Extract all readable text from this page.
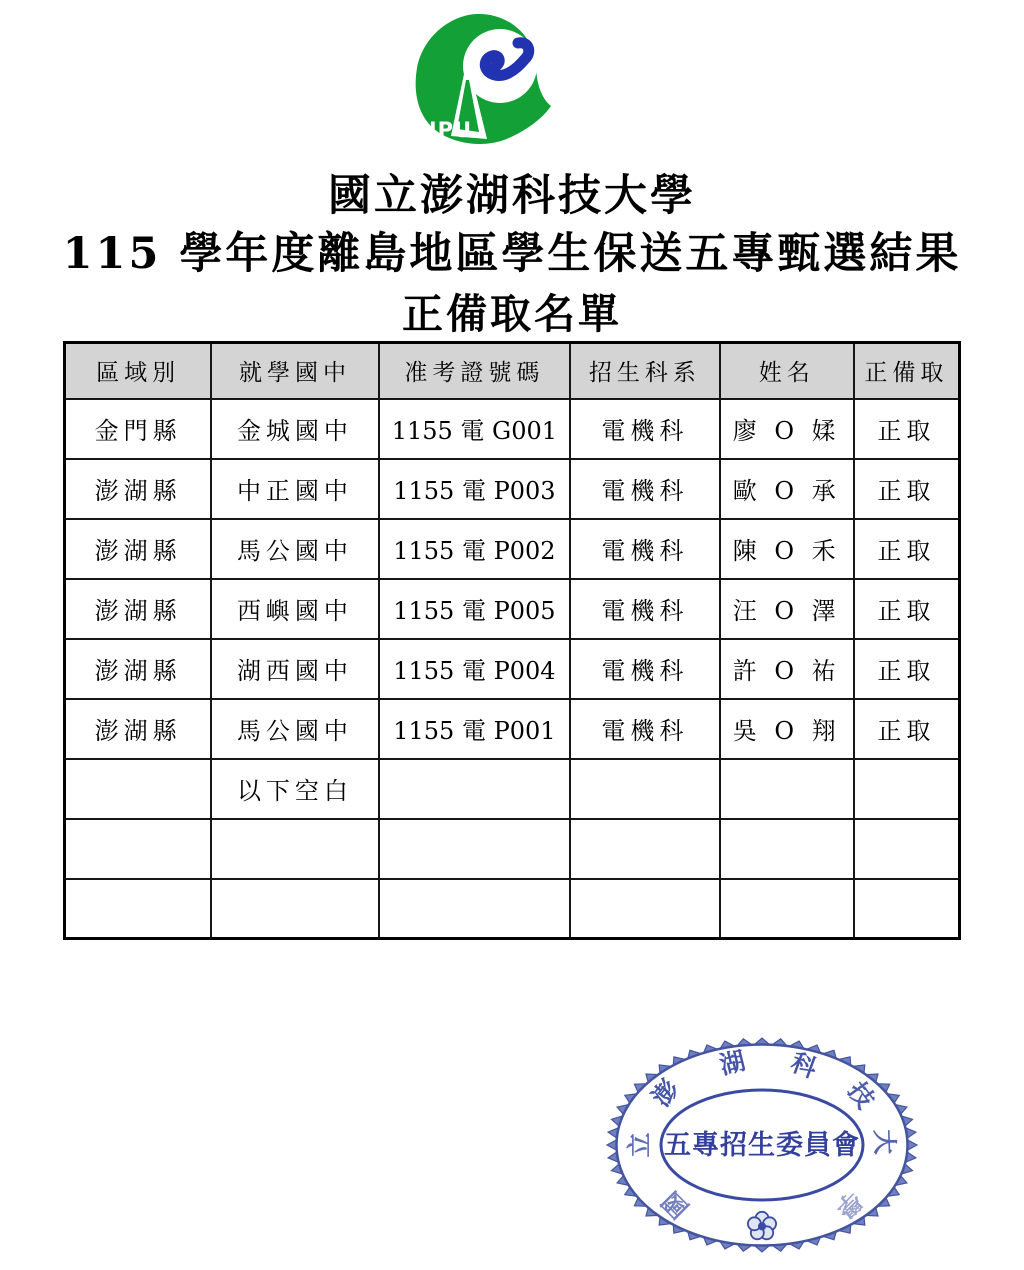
NPU
國立澎湖科技大學
115 學年度離島地區學生保送五專甄選結果
正備取名單
區域別	就學國中	准考證號碼	招生科系	姓名	正備取
金門縣	金城國中	1155 電 G001	電機科	廖 O 媃	正取
澎湖縣	中正國中	1155 電 P003	電機科	歐 O 承	正取
澎湖縣	馬公國中	1155 電 P002	電機科	陳 O 禾	正取
澎湖縣	西嶼國中	1155 電 P005	電機科	汪 O 澤	正取
澎湖縣	湖西國中	1155 電 P004	電機科	許 O 祐	正取
澎湖縣	馬公國中	1155 電 P001	電機科	吳 O 翔	正取
	以下空白				

國
立
澎
湖 科
技
大
學
五專招生委員會
